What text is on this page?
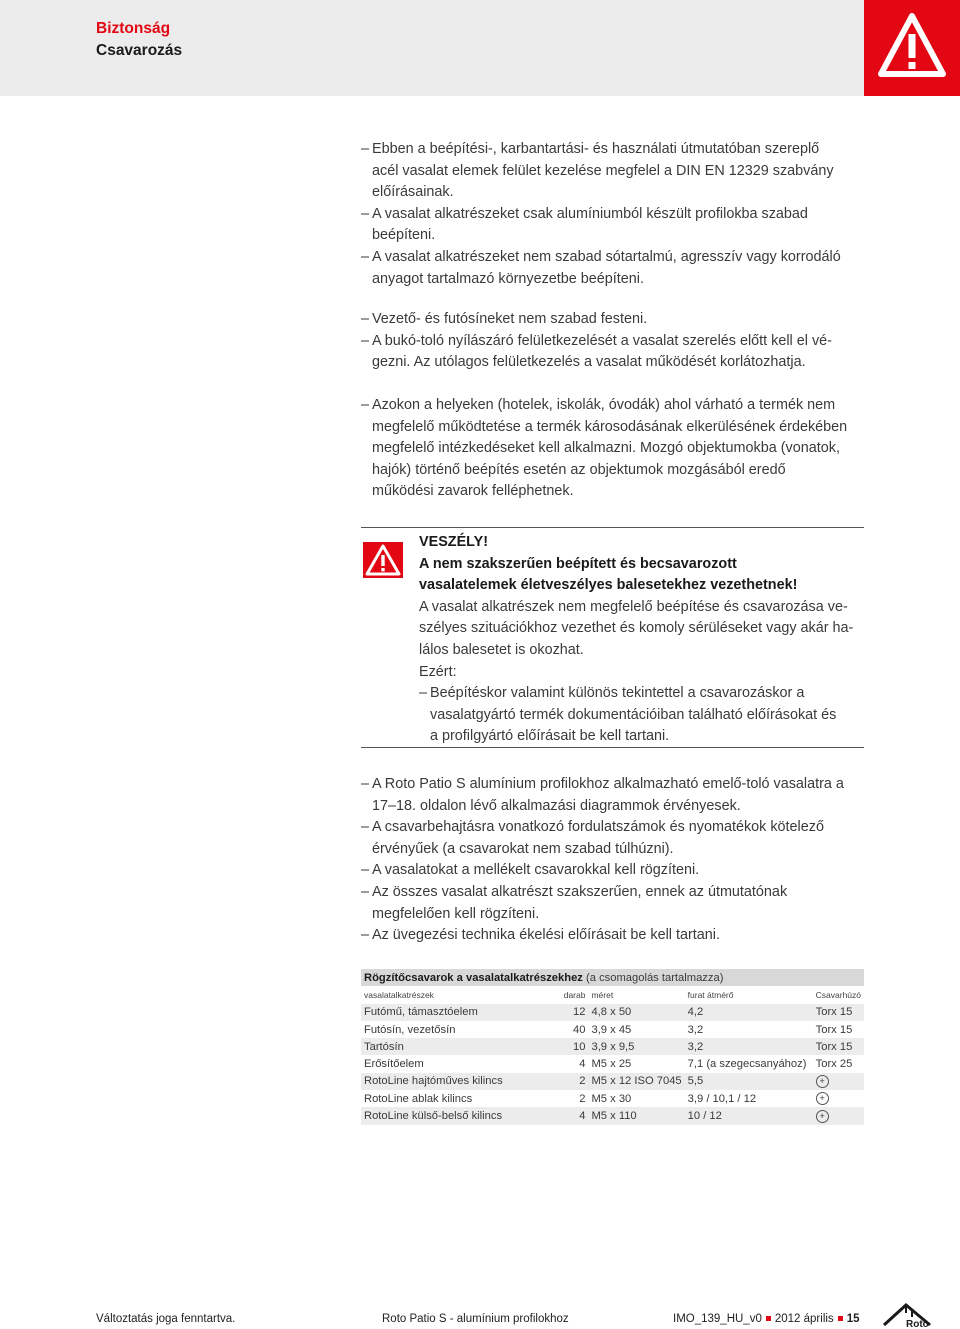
Biztonság
Csavarozás
– Ebben a beépítési-, karbantartási- és használati útmutatóban szereplő
acél vasalat elemek felület kezelése megfelel a DIN EN 12329 szabvány
előírásainak.
– A vasalat alkatrészeket csak alumíniumból készült profilokba szabad
beépíteni.
– A vasalat alkatrészeket nem szabad sótartalmú, agresszív vagy korrodáló
anyagot tartalmazó környezetbe beépíteni.
– Vezető- és futósíneket nem szabad festeni.
– A bukó-toló nyílászáró felületkezelését a vasalat szerelés előtt kell el vé-
gezni. Az utólagos felületkezelés a vasalat működését korlátozhatja.
– Azokon a helyeken (hotelek, iskolák, óvodák) ahol várható a termék nem
megfelelő működtetése a termék károsodásának elkerülésének érdekében
megfelelő intézkedéseket kell alkalmazni. Mozgó objektumokba (vonatok,
hajók) történő beépítés esetén az objektumok mozgásából eredő
működési zavarok felléphetnek.
VESZÉLY!
A nem szakszerűen beépített és becsavarozott
vasalatelemek életveszélyes balesetekhez vezethetnek!
A vasalat alkatrészek nem megfelelő beépítése és csavarozása ve-
szélyes szituációkhoz vezethet és komoly sérüléseket vagy akár ha-
lálos balesetet is okozhat.
Ezért:
– Beépítéskor valamint különös tekintettel a csavarozáskor a
vasalatgyártó termék dokumentációiban található előírásokat és
a profilgyártó előírásait be kell tartani.
– A Roto Patio S alumínium profilokhoz alkalmazható emelő-toló vasalatra a
17–18. oldalon lévő alkalmazási diagrammok érvényesek.
– A csavarbehajtásra vonatkozó fordulatszámok és nyomatékok kötelező
érvényűek (a csavarokat nem szabad túlhúzni).
– A vasalatokat a mellékelt csavarokkal kell rögzíteni.
– Az összes vasalat alkatrészt szakszerűen, ennek az útmutatónak
megfelelően kell rögzíteni.
– Az üvegezési technika ékelési előírásait be kell tartani.
Rögzítőcsavarok a vasalatalkatrészekhez (a csomagolás tartalmazza)				
vasalatalkatrészek	darab	méret	furat átmérő	Csavarhúzó
Futómű, támasztóelem	12	4,8 x 50	4,2	Torx 15
Futósín, vezetősín	40	3,9 x 45	3,2	Torx 15
Tartósín	10	3,9 x 9,5	3,2	Torx 15
Erősítőelem	4	M5 x 25	7,1 (a szegecsanyához)	Torx 25
RotoLine hajtóműves kilincs	2	M5 x 12 ISO 7045	5,5	+
RotoLine ablak kilincs	2	M5 x 30	3,9 / 10,1 / 12	+
RotoLine külső-belső kilincs	4	M5 x 110	10 / 12	+
Változtatás joga fenntartva.	Roto Patio S - alumínium profilokhoz	IMO_139_HU_v0 2012 április 15	Roto
